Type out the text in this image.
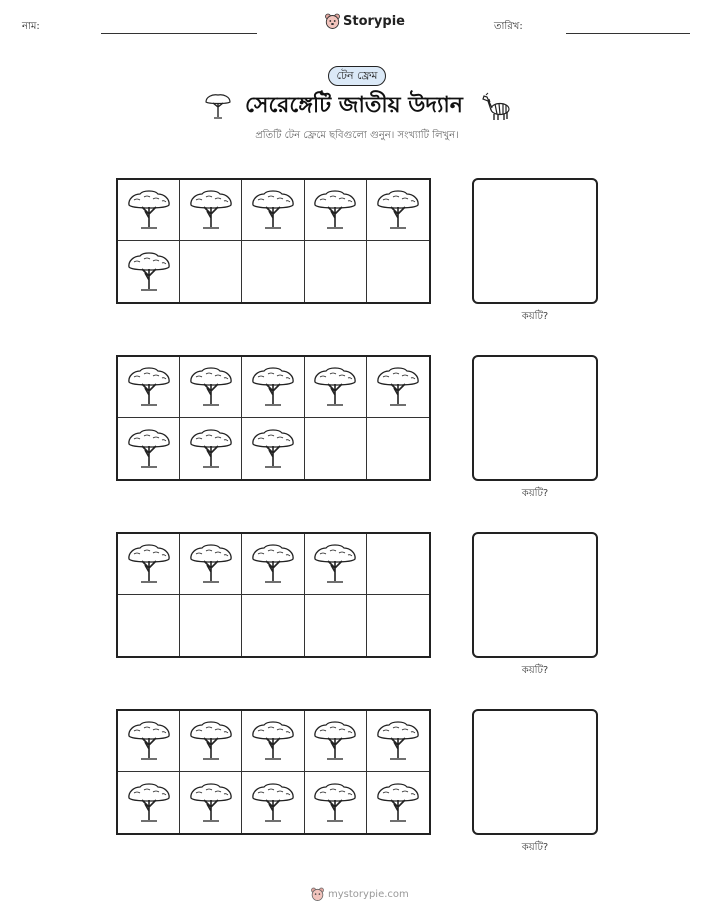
নাম:	Storypie	তারিখ:
টেন ফ্রেম
সেরেঙ্গেটি জাতীয় উদ্যান
প্রতিটি টেন ফ্রেমে ছবিগুলো গুনুন। সংখ্যাটি লিখুন।
কয়টি?
কয়টি?
কয়টি?
কয়টি?
mystorypie.com
